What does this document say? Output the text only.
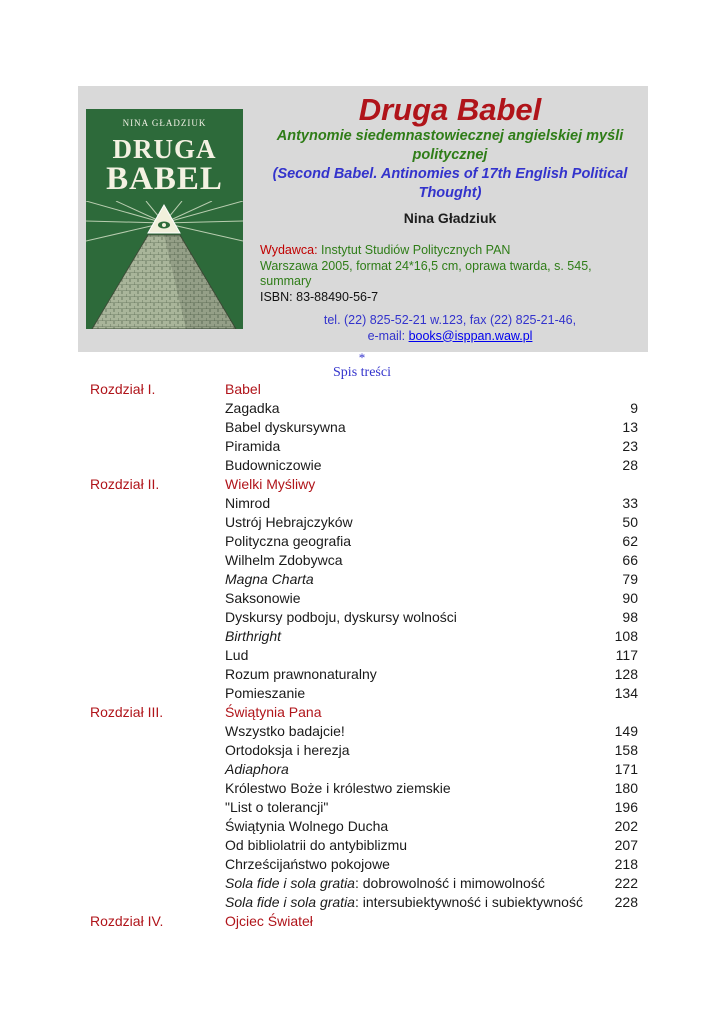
NINA GŁADZIUK
DRUGA
BABEL
Druga Babel
Antynomie siedemnastowiecznej angielskiej myśli politycznej
(Second Babel. Antinomies of 17th English Political Thought)
Nina Gładziuk
Wydawca: Instytut Studiów Politycznych PAN
Warszawa 2005, format 24*16,5 cm, oprawa twarda, s. 545, summary
ISBN: 83-88490-56-7
tel. (22) 825-52-21 w.123, fax (22) 825-21-46,
e-mail: books@isppan.waw.pl
*
Spis treści
Rozdział I.	Babel
Zagadka	9
Babel dyskursywna	13
Piramida	23
Budowniczowie	28
Rozdział II.	Wielki Myśliwy
Nimrod	33
Ustrój Hebrajczyków	50
Polityczna geografia	62
Wilhelm Zdobywca	66
Magna Charta	79
Saksonowie	90
Dyskursy podboju, dyskursy wolności	98
Birthright	108
Lud	117
Rozum prawnonaturalny	128
Pomieszanie	134
Rozdział III.	Świątynia Pana
Wszystko badajcie!	149
Ortodoksja i herezja	158
Adiaphora	171
Królestwo Boże i królestwo ziemskie	180
"List o tolerancji"	196
Świątynia Wolnego Ducha	202
Od bibliolatrii do antybiblizmu	207
Chrześcijaństwo pokojowe	218
Sola fide i sola gratia: dobrowolność i mimowolność	222
Sola fide i sola gratia: intersubiektywność i subiektywność 228
Rozdział IV.	Ojciec Świateł
